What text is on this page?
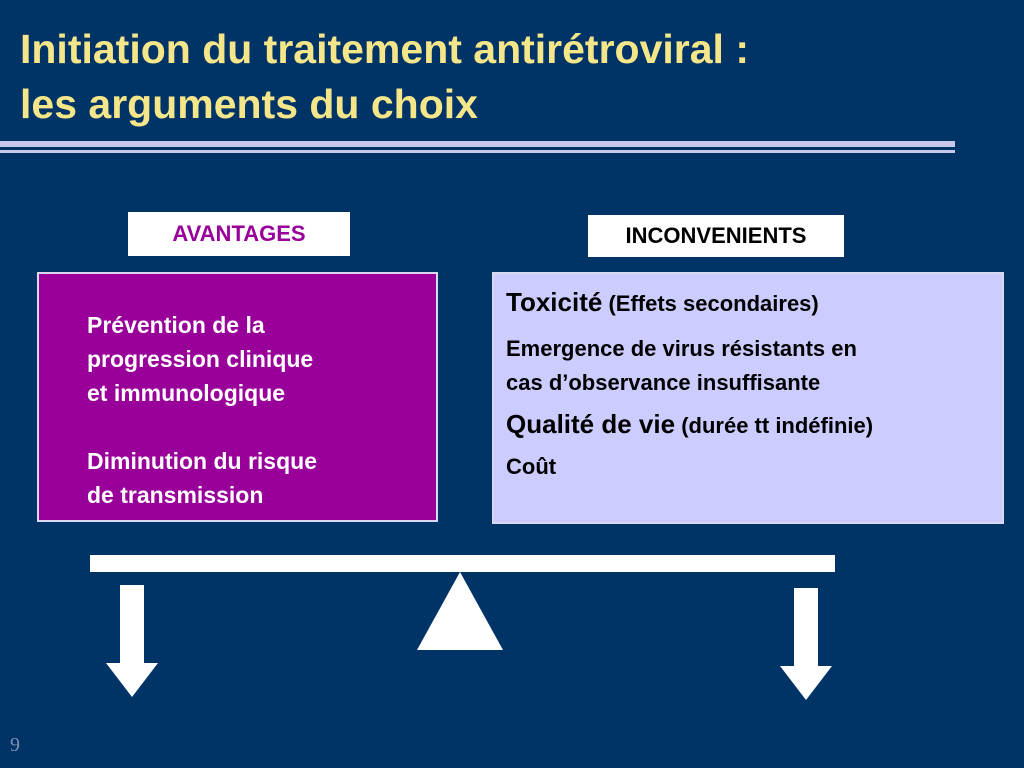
Initiation du traitement antirétroviral :
les arguments du choix
AVANTAGES	INCONVENIENTS

Prévention de la
progression clinique
et immunologique

Diminution du risque
de transmission

Toxicité (Effets secondaires)

Emergence de virus résistants en
cas d’observance insuffisante

Qualité de vie (durée tt indéfinie)

Coût

9
